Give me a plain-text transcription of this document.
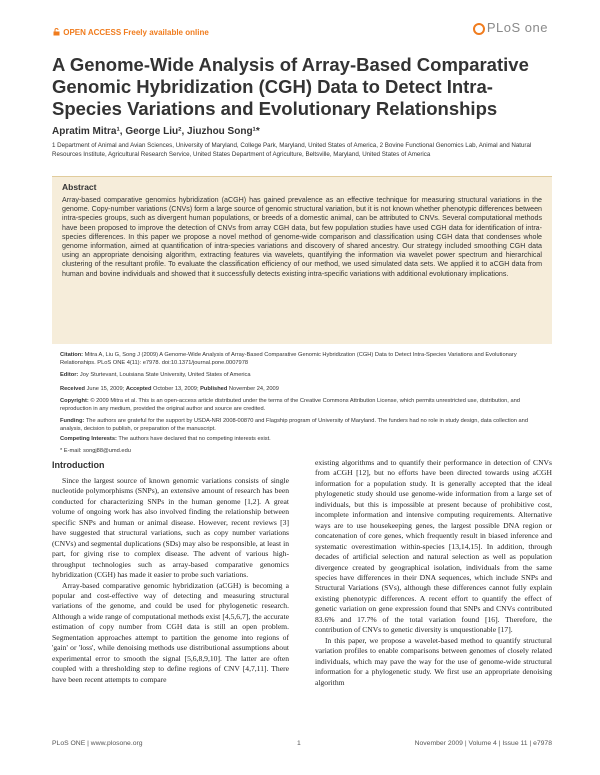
OPEN ACCESS Freely available online	PLoS one
A Genome-Wide Analysis of Array-Based Comparative Genomic Hybridization (CGH) Data to Detect Intra-Species Variations and Evolutionary Relationships
Apratim Mitra¹, George Liu², Jiuzhou Song¹*
1 Department of Animal and Avian Sciences, University of Maryland, College Park, Maryland, United States of America, 2 Bovine Functional Genomics Lab, Animal and Natural Resources Institute, Agricultural Research Service, United States Department of Agriculture, Beltsville, Maryland, United States of America
Abstract

Array-based comparative genomics hybridization (aCGH) has gained prevalence as an effective technique for measuring structural variations in the genome. Copy-number variations (CNVs) form a large source of genomic structural variation, but it is not known whether phenotypic differences between intra-species groups, such as divergent human populations, or breeds of a domestic animal, can be attributed to CNVs. Several computational methods have been proposed to improve the detection of CNVs from array CGH data, but few population studies have used CGH data for identification of intra-species differences. In this paper we propose a novel method of genome-wide comparison and classification using CGH data that condenses whole genome information, aimed at quantification of intra-species variations and discovery of shared ancestry. Our strategy included smoothing CGH data using an appropriate denoising algorithm, extracting features via wavelets, quantifying the information via wavelet power spectrum and hierarchical clustering of the resultant profile. To evaluate the classification efficiency of our method, we used simulated data sets. We applied it to aCGH data from human and bovine individuals and showed that it successfully detects existing intra-specific variations with additional evolutionary implications.

Citation: Mitra A, Liu G, Song J (2009) A Genome-Wide Analysis of Array-Based Comparative Genomic Hybridization (CGH) Data to Detect Intra-Species Variations and Evolutionary Relationships. PLoS ONE 4(11): e7978. doi:10.1371/journal.pone.0007978
Editor: Joy Sturtevant, Louisiana State University, United States of America
Received June 15, 2009; Accepted October 13, 2009; Published November 24, 2009
Copyright: © 2009 Mitra et al. This is an open-access article distributed under the terms of the Creative Commons Attribution License, which permits unrestricted use, distribution, and reproduction in any medium, provided the original author and source are credited.
Funding: The authors are grateful for the support by USDA-NRI 2008-00870 and Flagship program of University of Maryland. The funders had no role in study design, data collection and analysis, decision to publish, or preparation of the manuscript.
Competing Interests: The authors have declared that no competing interests exist.
* E-mail: songj88@umd.edu
Introduction

Since the largest source of known genomic variations consists of single nucleotide polymorphisms (SNPs), an extensive amount of research has been conducted for characterizing SNPs in the human genome [1,2]. A great volume of ongoing work has also involved finding the relationship between specific SNPs and human or animal disease. However, recent reviews [3] have suggested that structural variations, such as copy number variations (CNVs) and segmental duplications (SDs) may also be responsible, at least in part, for giving rise to complex disease. The advent of various high-throughput technologies such as array-based comparative genomics hybridization (CGH) has made it easier to probe such variations.

Array-based comparative genomic hybridization (aCGH) is becoming a popular and cost-effective way of detecting and measuring structural variations of the genome, and could be used for phylogenetic research. Although a wide range of computational methods exist [4,5,6,7], the accurate estimation of copy number from CGH data is still an open problem. Segmentation approaches attempt to partition the genome into regions of 'gain' or 'loss', while denoising methods use distributional assumptions about experimental error to smooth the signal [5,6,8,9,10]. The latter are often coupled with a thresholding step to define regions of CNV [4,7,11]. There have been recent attempts to compare

existing algorithms and to quantify their performance in detection of CNVs from aCGH [12], but no efforts have been directed towards using aCGH information for a population study. It is generally accepted that the ideal phylogenetic study should use genome-wide information from a large set of individuals, but this is impossible at present because of prohibitive cost, incomplete information and intensive computing requirements. Alternative ways are to use housekeeping genes, the largest possible DNA region or concatenation of core genes, which frequently result in biased inference and systematic overestimation within-species [13,14,15]. In addition, through decades of artificial selection and natural selection as well as population divergence created by geographical isolation, individuals from the same species have differences in their DNA sequences, which include SNPs and Structural Variations (SVs), although these differences cannot fully explain existing phenotypic differences. A recent effort to quantify the effect of genetic variation on gene expression found that SNPs and CNVs contributed 83.6% and 17.7% of the total variation found [16]. Therefore, the contribution of CNVs to genetic diversity is unquestionable [17].

In this paper, we propose a wavelet-based method to quantify structural variation profiles to enable comparisons between genomes of closely related individuals, which may pave the way for the use of genome-wide structural information for a phylogenetic study. We first use an appropriate denoising algorithm

PLoS ONE | www.plosone.org	1	November 2009 | Volume 4 | Issue 11 | e7978
